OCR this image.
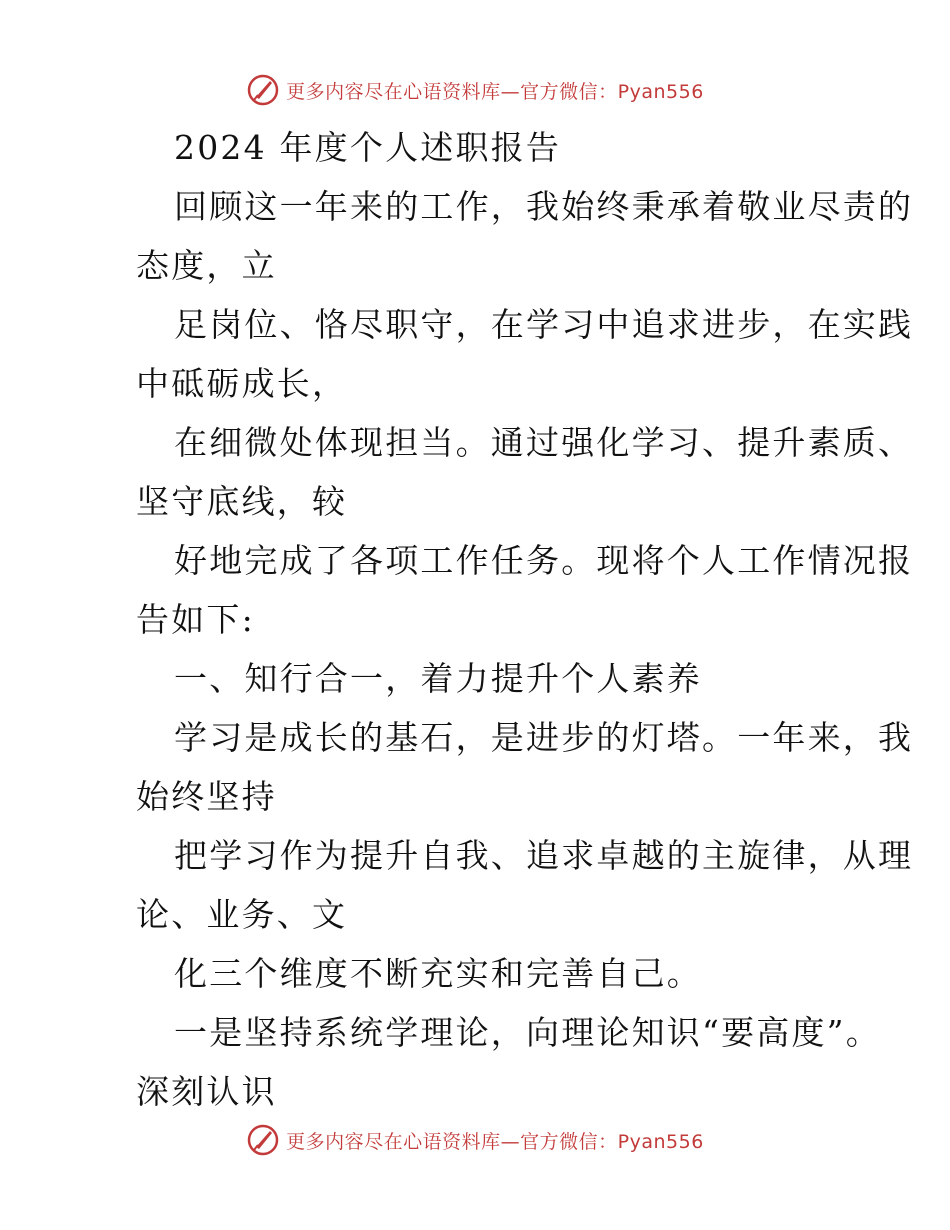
更多内容尽在心语资料库—官方微信：Pyan556
2024 年度个人述职报告
回顾这一年来的工作，我始终秉承着敬业尽责的
态度，立
足岗位、恪尽职守，在学习中追求进步，在实践
中砥砺成长，
在细微处体现担当。通过强化学习、提升素质、
坚守底线，较
好地完成了各项工作任务。现将个人工作情况报
告如下:
一、知行合一，着力提升个人素养
学习是成长的基石，是进步的灯塔。一年来，我
始终坚持
把学习作为提升自我、追求卓越的主旋律，从理
论、业务、文
化三个维度不断充实和完善自己。
一是坚持系统学理论，向理论知识“要高度”。
深刻认识
更多内容尽在心语资料库—官方微信：Pyan556
